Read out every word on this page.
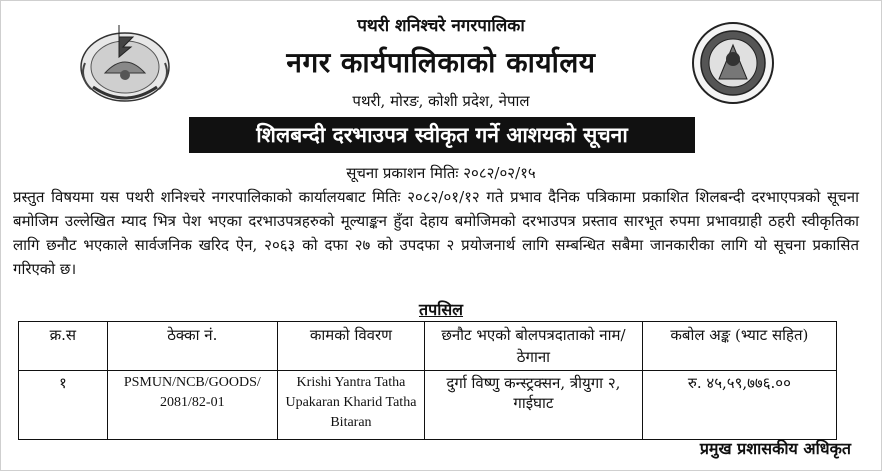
पथरी शनिश्चरे नगरपालिका
नगर कार्यपालिकाको कार्यालय
पथरी, मोरङ, कोशी प्रदेश, नेपाल
शिलबन्दी दरभाउपत्र स्वीकृत गर्ने आशयको सूचना
सूचना प्रकाशन मितिः २०८२/०२/१५

प्रस्तुत विषयमा यस पथरी शनिश्चरे नगरपालिकाको कार्यालयबाट मितिः २०८२/०१/१२ गते प्रभाव दैनिक पत्रिकामा प्रकाशित शिलबन्दी दरभाएपत्रको सूचना बमोजिम उल्लेखित म्याद भित्र पेश भएका दरभाउपत्रहरुको मूल्याङ्कन हुँदा देहाय बमोजिमको दरभाउपत्र प्रस्ताव सारभूत रुपमा प्रभावग्राही ठहरी स्वीकृतिका लागि छनौट भएकाले सार्वजनिक खरिद ऐन, २०६३ को दफा २७ को उपदफा २ प्रयोजनार्थ लागि सम्बन्धित सबैमा जानकारीका लागि यो सूचना प्रकासित गरिएको छ।

तपसिल
क्र.स	ठेक्का नं.	कामको विवरण	छनौट भएको बोलपत्रदाताको नाम/ठेगाना	कबोल अङ्क (भ्याट सहित)
१	PSMUN/NCB/GOODS/ 2081/82-01	Krishi Yantra Tatha Upakaran Kharid Tatha Bitaran	दुर्गा विष्णु कन्स्ट्रक्सन, त्रीयुगा २, गाईघाट	रु. ४५,५९,७७६.००
प्रमुख प्रशासकीय अधिकृत
